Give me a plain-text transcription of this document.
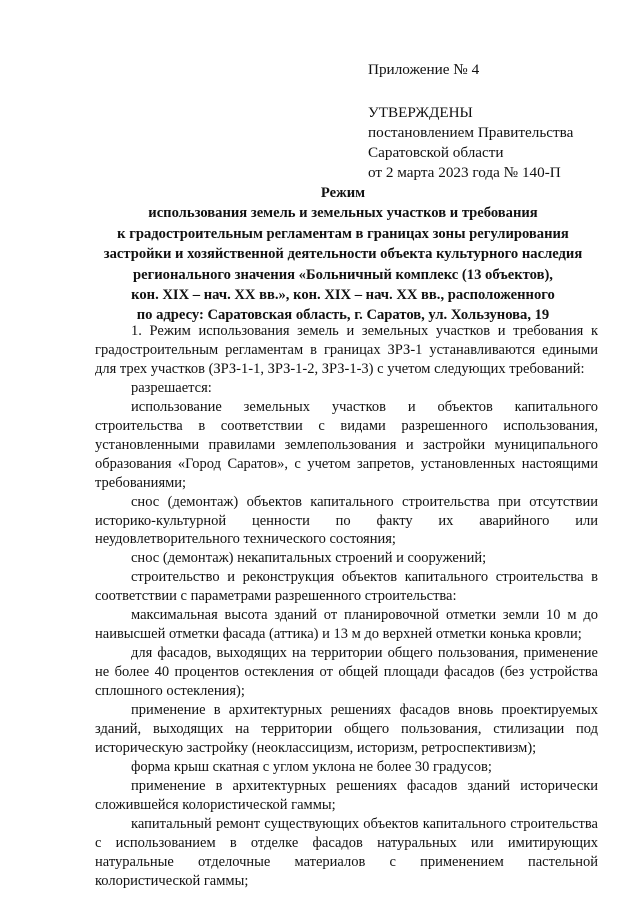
Приложение № 4
УТВЕРЖДЕНЫ
постановлением Правительства
Саратовской области
от 2 марта 2023 года № 140-П
Режим
использования земель и земельных участков и требования
к градостроительным регламентам в границах зоны регулирования
застройки и хозяйственной деятельности объекта культурного наследия
регионального значения «Больничный комплекс (13 объектов),
кон. XIX – нач. XX вв.», кон. XIX – нач. XX вв., расположенного
по адресу: Саратовская область, г. Саратов, ул. Хользунова, 19

1. Режим использования земель и земельных участков и требования к градостроительным регламентам в границах ЗРЗ-1 устанавливаются едиными для трех участков (ЗРЗ-1-1, ЗРЗ-1-2, ЗРЗ-1-3) с учетом следующих требований:

разрешается:

использование земельных участков и объектов капитального строительства в соответствии с видами разрешенного использования, установленными правилами землепользования и застройки муниципального образования «Город Саратов», с учетом запретов, установленных настоящими требованиями;

снос (демонтаж) объектов капитального строительства при отсутствии историко-культурной ценности по факту их аварийного или неудовлетворительного технического состояния;

снос (демонтаж) некапитальных строений и сооружений;

строительство и реконструкция объектов капитального строительства в соответствии с параметрами разрешенного строительства:

максимальная высота зданий от планировочной отметки земли 10 м до наивысшей отметки фасада (аттика) и 13 м до верхней отметки конька кровли;

для фасадов, выходящих на территории общего пользования, применение не более 40 процентов остекления от общей площади фасадов (без устройства сплошного остекления);

применение в архитектурных решениях фасадов вновь проектируемых зданий, выходящих на территории общего пользования, стилизации под историческую застройку (неоклассицизм, историзм, ретроспективизм);

форма крыш скатная с углом уклона не более 30 градусов;

применение в архитектурных решениях фасадов зданий исторически сложившейся колористической гаммы;

капитальный ремонт существующих объектов капитального строительства с использованием в отделке фасадов натуральных или имитирующих натуральные отделочные материалов с применением пастельной колористической гаммы;
